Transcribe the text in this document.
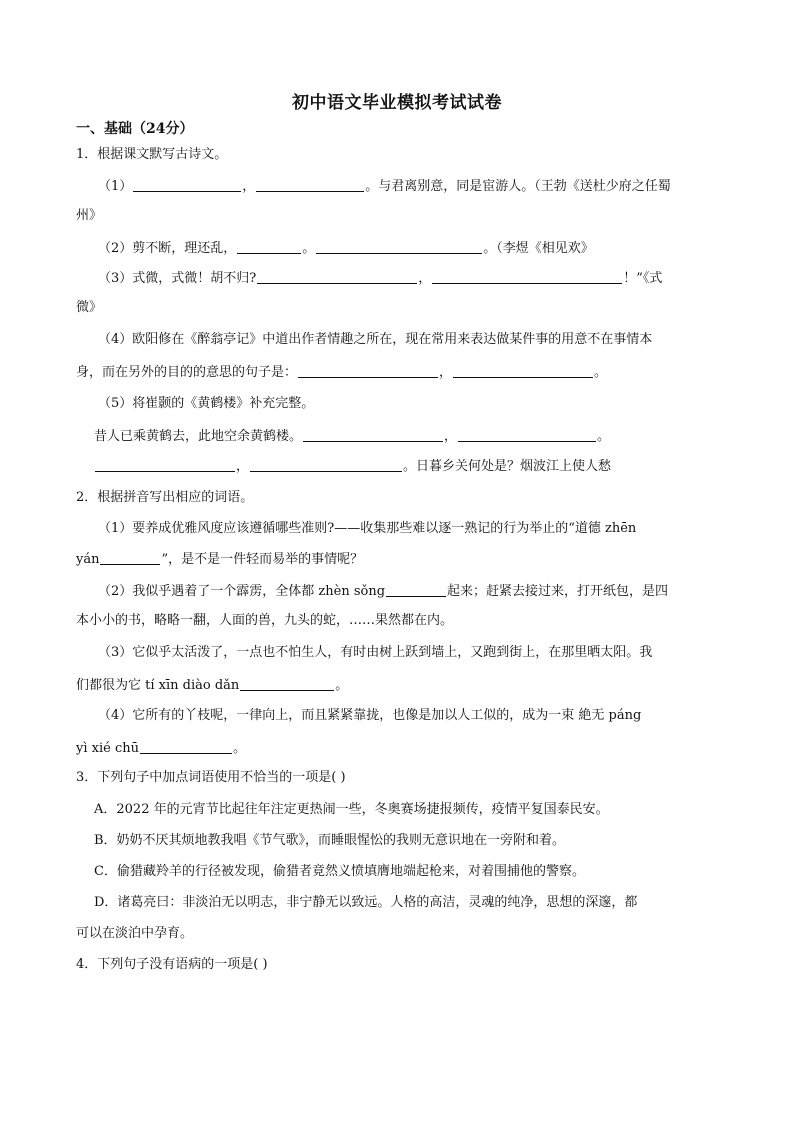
初中语文毕业模拟考试试卷
一、基础（24分）
1．根据课文默写古诗文。
（1）	，	。与君离别意，同是宦游人。（王勃《送杜少府之任蜀
州》
（2）剪不断，理还乱，	。	。（李煜《相见欢》
（3）式微，式微！胡不归?	，	！”《式
微》
（4）欧阳修在《醉翁亭记》中道出作者情趣之所在，现在常用来表达做某件事的用意不在事情本
身，而在另外的目的的意思的句子是：	，	。
（5）将崔颢的《黄鹤楼》补充完整。
昔人已乘黄鹤去，此地空余黄鹤楼。	，	。
，	。日暮乡关何处是？烟波江上使人愁
2．根据拼音写出相应的词语。
（1）要养成优雅风度应该遵循哪些准则?——收集那些难以逐一熟记的行为举止的“道德 zhēn
yán	”，是不是一件轻而易举的事情呢？
（2）我似乎遇着了一个霹雳，全体都 zhèn sǒng	起来；赶紧去接过来，打开纸包，是四
本小小的书，略略一翻，人面的兽，九头的蛇，……果然都在内。
（3）它似乎太活泼了，一点也不怕生人，有时由树上跃到墙上，又跑到街上，在那里晒太阳。我
们都很为它 tí xīn diào dǎn	。
（4）它所有的丫枝呢，一律向上，而且紧紧靠拢，也像是加以人工似的，成为一束 絶无 páng
yì xié chū	。
3．下列句子中加点词语使用不恰当的一项是( )
A．2022 年的元宵节比起往年注定更热闹一些，冬奥赛场捷报频传，疫情平复国泰民安。
B．奶奶不厌其烦地教我唱《节气歌》，而睡眼惺忪的我则无意识地在一旁附和着。
C．偷猎藏羚羊的行径被发现，偷猎者竟然义愤填膺地端起枪来，对着围捕他的警察。
D．诸葛亮曰：非淡泊无以明志，非宁静无以致远。人格的高洁，灵魂的纯净，思想的深邃，都
可以在淡泊中孕育。
4．下列句子没有语病的一项是( )
